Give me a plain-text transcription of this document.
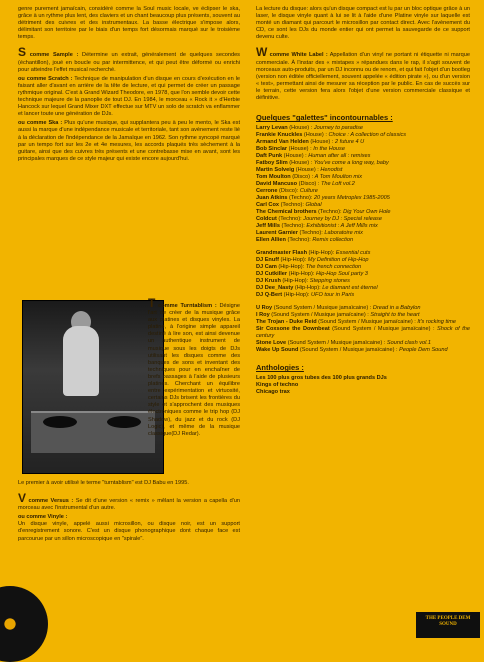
genre purement jamaïcain, considéré comme la Soul music locale, ve éclipser le ska, grâce à un rythme plus lent, des claviers et un chant beaucoup plus présents, souvent au détriment des cuivres et des instrumentaux. La basse électrique s'impose alors, délimitant son territoire par le biais d'un temps fort désormais marqué sur le troisième temps.

S comme Sample : Détermine un extrait, généralement de quelques secondes (échantillon), joué en boucle ou par intermittence, et qui peut être déformé ou enrichi pour atteindre l'effet musical recherché.

ou comme Scratch : Technique de manipulation d'un disque en cours d'exécution en le faisant aller d'avant en arrière de la tête de lecture, et qui permet de créer un passage rythmique original. C'est à Grand Wizard Theodore, en 1978, que l'on semble devoir cette technique majeure de la panoplie de tout DJ. En 1984, le morceau « Rock it » d'Herbie Hancock sur lequel Grand Mixer DXT effectue sur MTV un solo de scratch va enflammer et lancer toute une génération de DJs.

ou comme Ska : Plus qu'une musique, qui supplantera peu à peu le mento, le Ska est aussi la marque d'une indépendance musicale et territoriale, tant son avènement reste lié à la déclaration de l'indépendance de la Jamaïque en 1962. Son rythme syncopé marqué par un tempo fort sur les 2e et 4e mesures, les accords plaqués très sèchement à la guitare, ainsi que des cuivres très présents et une contrebasse mise en avant, sont les principales marques de ce style majeur qui existe encore aujourd'hui.

T comme Turntablism : Désigne l'art de créer de la musique grâce aux platines et disques vinyles. La platine, à l'origine simple appareil destiné à lire son, est ainsi devenue un authentique instrument de musique sous les doigts de DJs utilisant les disques comme des banques de sons et inventant des techniques pour en enchaîner de brefs passages à l'aide de plusieurs platines. Cherchant un équilibre entre expérimentation et virtuosité, certains DJs brisent les frontières du style et s'approchent des musiques électroniques comme le trip hop (DJ Shadow), du jazz et du rock (DJ Logic), et même de la musique classique(DJ Redar).

Le premier à avoir utilisé le terme "turntablism" est DJ Babu en 1995.

V comme Versus : Se dit d'une version « remix » mêlant la version a capella d'un morceau avec l'instrumental d'un autre.

ou comme Vinyle :
Un disque vinyle, appelé aussi microsillon, ou disque noir, est un support d'enregistrement sonore. C'est un disque phonographique dont chaque face est parcourue par un sillon microscopique en "spirale".

La lecture du disque: alors qu'un disque compact est lu par un bloc optique grâce à un laser, le disque vinyle quant à lui se lit à l'aide d'une Platine vinyle sur laquelle est monté un diamant qui parcourt le microsillon par contact direct. Avec l'avènement du CD, ce sont les DJs du monde entier qui ont permet la sauvegarde de ce support devenu culte.

W comme White Label : Appellation d'un vinyl ne portant ni étiquette ni marque commerciale. À l'instar des « mixtapes » répandues dans le rap, il s'agit souvent de morceaux auto-produits, par un DJ inconnu ou de renom, et qui fait l'objet d'un bootleg (version non éditée officiellement, souvent appelée « édition pirate »), ou d'un version « test», permettant ainsi de mesurer sa réception par le public. En cas de succès sur le terrain, cette version fera alors l'objet d'une version commerciale classique et définitive.

Quelques "galettes" incontournables :
Larry Levan (House) : Journey to paradise
Frankie Knuckles (House) : Choice : A collection of classics
Armand Van Helden (House) : 2 future 4 U
Bob Sinclar (House) : In the House
Daft Punk (House) : Human after all : remixes
Fatboy Slim (House) : You've come a long way, baby
Martin Solveig (House) : Henodist
Tom Moulton (Disco) : A Tom Moulton mix
David Mancuso (Disco) : The Loft vol.2
Cerrone (Disco): Culture
Juan Atkins (Techno): 20 years Metroplex 1985-2005
Carl Cox (Techno): Global
The Chemical brothers (Techno): Dig Your Own Hole
Coldcut (Techno): Journey by DJ : Special release
Jeff Mills (Techno): Exhibitionist : A Jeff Mills mix
Laurent Garnier (Techno): Laboratoire mix
Ellen Allien (Techno): Remix collection
Grandmaster Flash (Hip-Hop): Essential cuts
DJ Enuff (Hip-Hop): My Definition of Hip-Hop
DJ Cam (Hip-Hop): The french connection
DJ Cutkiller (Hip-Hop): Hip-Hop Soul party 3
DJ Krush (Hip-Hop): Stepping stones
DJ Dee_Nasty (Hip-Hop): Le diamant est éternel
DJ Q-Bert (Hip-Hop): UFO tour in Paris
U Roy (Sound System / Musique jamaïcaine) : Dread in a Babylon
I Roy (Sound System / Musique jamaïcaine) : Straight to the heart
The Trojan - Duke Reid (Sound System / Musique jamaïcaine) : It's rocking time
Sir Coxsone the Downbeat (Sound System / Musique jamaïcaine) : Shock of the century
Stone Love (Sound System / Musique jamaïcaine) : Sound clash vol.1
Wake Up Sound (Sound System / Musique jamaïcaine) : People Dem Sound
Anthologies :
Les 100 plus gros tubes des 100 plus grands DJs
Kings of techno
Chicago trax
THE PEOPLE DEM SOUND
